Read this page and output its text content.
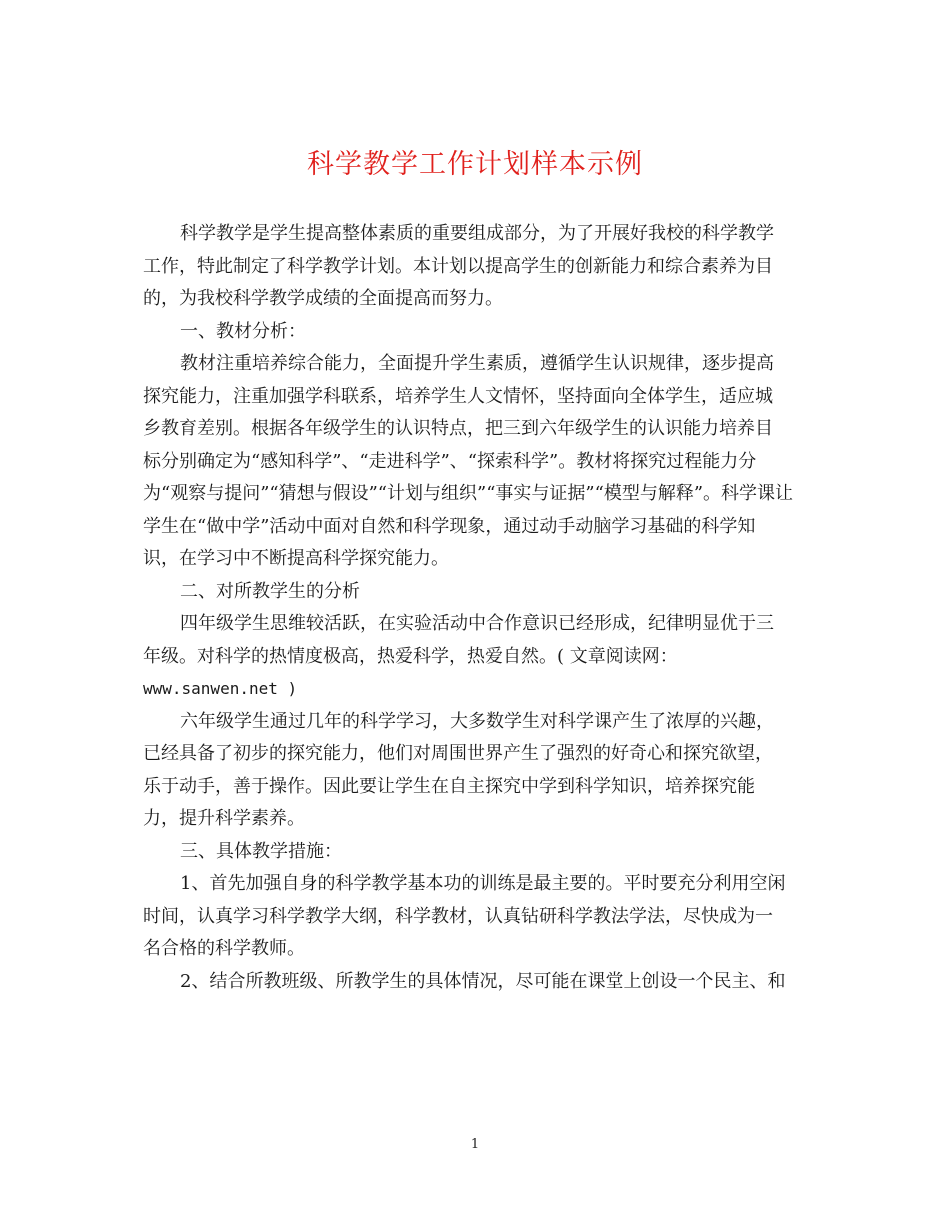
科学教学工作计划样本示例
科学教学是学生提高整体素质的重要组成部分，为了开展好我校的科学教学
工作，特此制定了科学教学计划。本计划以提高学生的创新能力和综合素养为目
的，为我校科学教学成绩的全面提高而努力。
一、教材分析：
教材注重培养综合能力，全面提升学生素质，遵循学生认识规律，逐步提高
探究能力，注重加强学科联系，培养学生人文情怀，坚持面向全体学生，适应城
乡教育差别。根据各年级学生的认识特点，把三到六年级学生的认识能力培养目
标分别确定为“感知科学”、“走进科学”、“探索科学”。教材将探究过程能力分
为“观察与提问”“猜想与假设”“计划与组织”“事实与证据”“模型与解释”。科学课让
学生在“做中学”活动中面对自然和科学现象，通过动手动脑学习基础的科学知
识，在学习中不断提高科学探究能力。
二、对所教学生的分析
四年级学生思维较活跃，在实验活动中合作意识已经形成，纪律明显优于三
年级。对科学的热情度极高，热爱科学，热爱自然。( 文章阅读网：
www.sanwen.net )
六年级学生通过几年的科学学习，大多数学生对科学课产生了浓厚的兴趣，
已经具备了初步的探究能力，他们对周围世界产生了强烈的好奇心和探究欲望，
乐于动手，善于操作。因此要让学生在自主探究中学到科学知识，培养探究能
力，提升科学素养。
三、具体教学措施：
1、首先加强自身的科学教学基本功的训练是最主要的。平时要充分利用空闲
时间，认真学习科学教学大纲，科学教材，认真钻研科学教法学法，尽快成为一
名合格的科学教师。
2、结合所教班级、所教学生的具体情况，尽可能在课堂上创设一个民主、和
1
